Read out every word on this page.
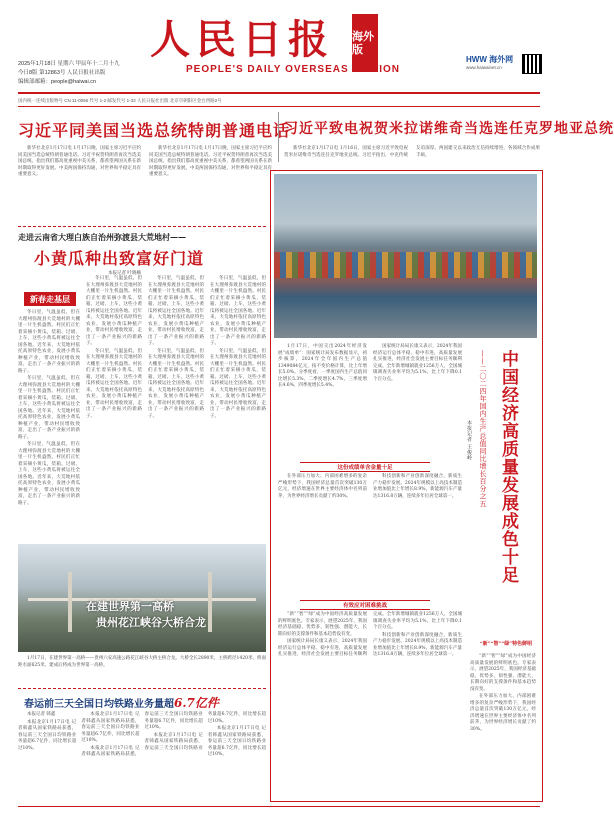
人民日报 海外版
PEOPLE'S DAILY OVERSEAS EDITION
2025年1月18日 星期六 甲辰年十二月十九
今日8版 第12863号 人民日报社出版
编辑部邮箱：people@haiwai.cn
HWW 海外网
www.haiwainet.cn
国内统一连续出版物号 CN 11-0066 代号 1-2 邮发代号 1-32 人民日报社出版 北京市朝阳区金台西路2号
习近平同美国当选总统特朗普通电话
习近平致电祝贺米拉诺维奇当选连任克罗地亚总统

新华社北京1月17日电 1月17日晚，国家主席习近平应约同美国当选总统特朗普通电话。习近平祝贺特朗普再次当选美国总统。指出我们都高度重视中美关系，都希望两国关系在新时期取得更好发展。中美两国保持沟通，对世界和平稳定具有重要意义。

新华社北京1月17日电 1月17日晚，国家主席习近平应约同美国当选总统特朗普通电话。习近平祝贺特朗普再次当选美国总统。指出我们都高度重视中美关系，都希望两国关系在新时期取得更好发展。中美两国保持沟通，对世界和平稳定具有重要意义。

新华社北京1月17日电 1月16日，国家主席习近平致电祝贺米拉诺维奇当选连任克罗地亚总统。习近平指出，中克传统友谊深厚。两国建交以来政治互信持续增进，各领域合作成果丰硕。

中国经济高质量发展成色十足
——二〇二四年国内生产总值同比增长百分之五
本报记者 王俊岭

1月17日，中国交出2024年经济发展“成绩单”：国家统计局发布数据显示，初步核算，2024年全年国内生产总值1349084亿元，按不变价格计算，比上年增长5.0%。分季度看，一季度国内生产总值同比增长5.3%，二季度增长4.7%，三季度增长4.6%，四季度增长5.4%。

国家统计局局长康义表示，2024年我国经济运行总体平稳、稳中有进，高质量发展扎实推进，经济社会发展主要目标任务顺利完成。全年新增城镇就业1256万人，全国城镇调查失业率平均为5.1%，比上年下降0.1个百分点。

这份成绩单含金量十足

在外部压力加大、内部困难增多的复杂严峻形势下，我国经济总量首次突破130万亿元，经济增速在世界主要经济体中名列前茅，为世界经济增长贡献了约30%。

科技创新和产业创新深度融合，新质生产力稳步发展。2024年规模以上高技术制造业增加值比上年增长8.9%，新能源汽车产量达1316.8万辆，连续多年位居全球第一。

有效应对困难挑战

“新”“智”“绿”成为中国经济高质量发展的鲜明底色。专家表示，展望2025年，我国经济基础稳、优势多、韧性强、潜能大，长期向好的支撑条件和基本趋势没有变。

国家统计局局长康义表示，2024年我国经济运行总体平稳、稳中有进，高质量发展扎实推进，经济社会发展主要目标任务顺利完成。全年新增城镇就业1256万人，全国城镇调查失业率平均为5.1%，比上年下降0.1个百分点。

科技创新和产业创新深度融合，新质生产力稳步发展。2024年规模以上高技术制造业增加值比上年增长8.9%，新能源汽车产量达1316.8万辆，连续多年位居全球第一。

“新”“智”“绿”特色鲜明

“新”“智”“绿”成为中国经济高质量发展的鲜明底色。专家表示，展望2025年，我国经济基础稳、优势多、韧性强、潜能大，长期向好的支撑条件和基本趋势没有变。

在外部压力加大、内部困难增多的复杂严峻形势下，我国经济总量首次突破130万亿元，经济增速在世界主要经济体中名列前茅，为世界经济增长贡献了约30%。

走进云南省大理白族自治州弥渡县大荒地村——
小黄瓜种出致富好门道
本报记者 叶晓楠
新春走基层

冬日里，气温虽低，但在大理州弥渡县大荒地村的大棚里一片生机盎然。村民们正忙着采摘小黄瓜，装箱、过磅、上车，这些小黄瓜将被运往全国各地。近年来，大荒地村依托高原特色农业，发展小黄瓜种植产业，带动村民增收致富，走出了一条产业振兴的新路子。

冬日里，气温虽低，但在大理州弥渡县大荒地村的大棚里一片生机盎然。村民们正忙着采摘小黄瓜，装箱、过磅、上车，这些小黄瓜将被运往全国各地。近年来，大荒地村依托高原特色农业，发展小黄瓜种植产业，带动村民增收致富，走出了一条产业振兴的新路子。

冬日里，气温虽低，但在大理州弥渡县大荒地村的大棚里一片生机盎然。村民们正忙着采摘小黄瓜，装箱、过磅、上车，这些小黄瓜将被运往全国各地。近年来，大荒地村依托高原特色农业，发展小黄瓜种植产业，带动村民增收致富，走出了一条产业振兴的新路子。

冬日里，气温虽低，但在大理州弥渡县大荒地村的大棚里一片生机盎然。村民们正忙着采摘小黄瓜，装箱、过磅、上车，这些小黄瓜将被运往全国各地。近年来，大荒地村依托高原特色农业，发展小黄瓜种植产业，带动村民增收致富，走出了一条产业振兴的新路子。

冬日里，气温虽低，但在大理州弥渡县大荒地村的大棚里一片生机盎然。村民们正忙着采摘小黄瓜，装箱、过磅、上车，这些小黄瓜将被运往全国各地。近年来，大荒地村依托高原特色农业，发展小黄瓜种植产业，带动村民增收致富，走出了一条产业振兴的新路子。

冬日里，气温虽低，但在大理州弥渡县大荒地村的大棚里一片生机盎然。村民们正忙着采摘小黄瓜，装箱、过磅、上车，这些小黄瓜将被运往全国各地。近年来，大荒地村依托高原特色农业，发展小黄瓜种植产业，带动村民增收致富，走出了一条产业振兴的新路子。

冬日里，气温虽低，但在大理州弥渡县大荒地村的大棚里一片生机盎然。村民们正忙着采摘小黄瓜，装箱、过磅、上车，这些小黄瓜将被运往全国各地。近年来，大荒地村依托高原特色农业，发展小黄瓜种植产业，带动村民增收致富，走出了一条产业振兴的新路子。

冬日里，气温虽低，但在大理州弥渡县大荒地村的大棚里一片生机盎然。村民们正忙着采摘小黄瓜，装箱、过磅、上车，这些小黄瓜将被运往全国各地。近年来，大荒地村依托高原特色农业，发展小黄瓜种植产业，带动村民增收致富，走出了一条产业振兴的新路子。

冬日里，气温虽低，但在大理州弥渡县大荒地村的大棚里一片生机盎然。村民们正忙着采摘小黄瓜，装箱、过磅、上车，这些小黄瓜将被运往全国各地。近年来，大荒地村依托高原特色农业，发展小黄瓜种植产业，带动村民增收致富，走出了一条产业振兴的新路子。

在建世界第一高桥
贵州花江峡谷大桥合龙

1月17日，在建世界第一高桥——贵州六安高速公路花江峡谷大桥主桥合龙。大桥全长2890米，主桥跨径1420米，桥面距水面625米，建成后将成为世界第一高桥。

春运前三天全国日均铁路业务量超6.7亿件

本报记者 韩鑫

本报北京1月17日电 记者韩鑫从国家铁路局获悉，春运前三天全国日均铁路业务量超6.7亿件，同比增长超过10%。

本报北京1月17日电 记者韩鑫从国家铁路局获悉，春运前三天全国日均铁路业务量超6.7亿件，同比增长超过10%。

本报北京1月17日电 记者韩鑫从国家铁路局获悉，春运前三天全国日均铁路业务量超6.7亿件，同比增长超过10%。

本报北京1月17日电 记者韩鑫从国家铁路局获悉，春运前三天全国日均铁路业务量超6.7亿件，同比增长超过10%。

本报北京1月17日电 记者韩鑫从国家铁路局获悉，春运前三天全国日均铁路业务量超6.7亿件，同比增长超过10%。
